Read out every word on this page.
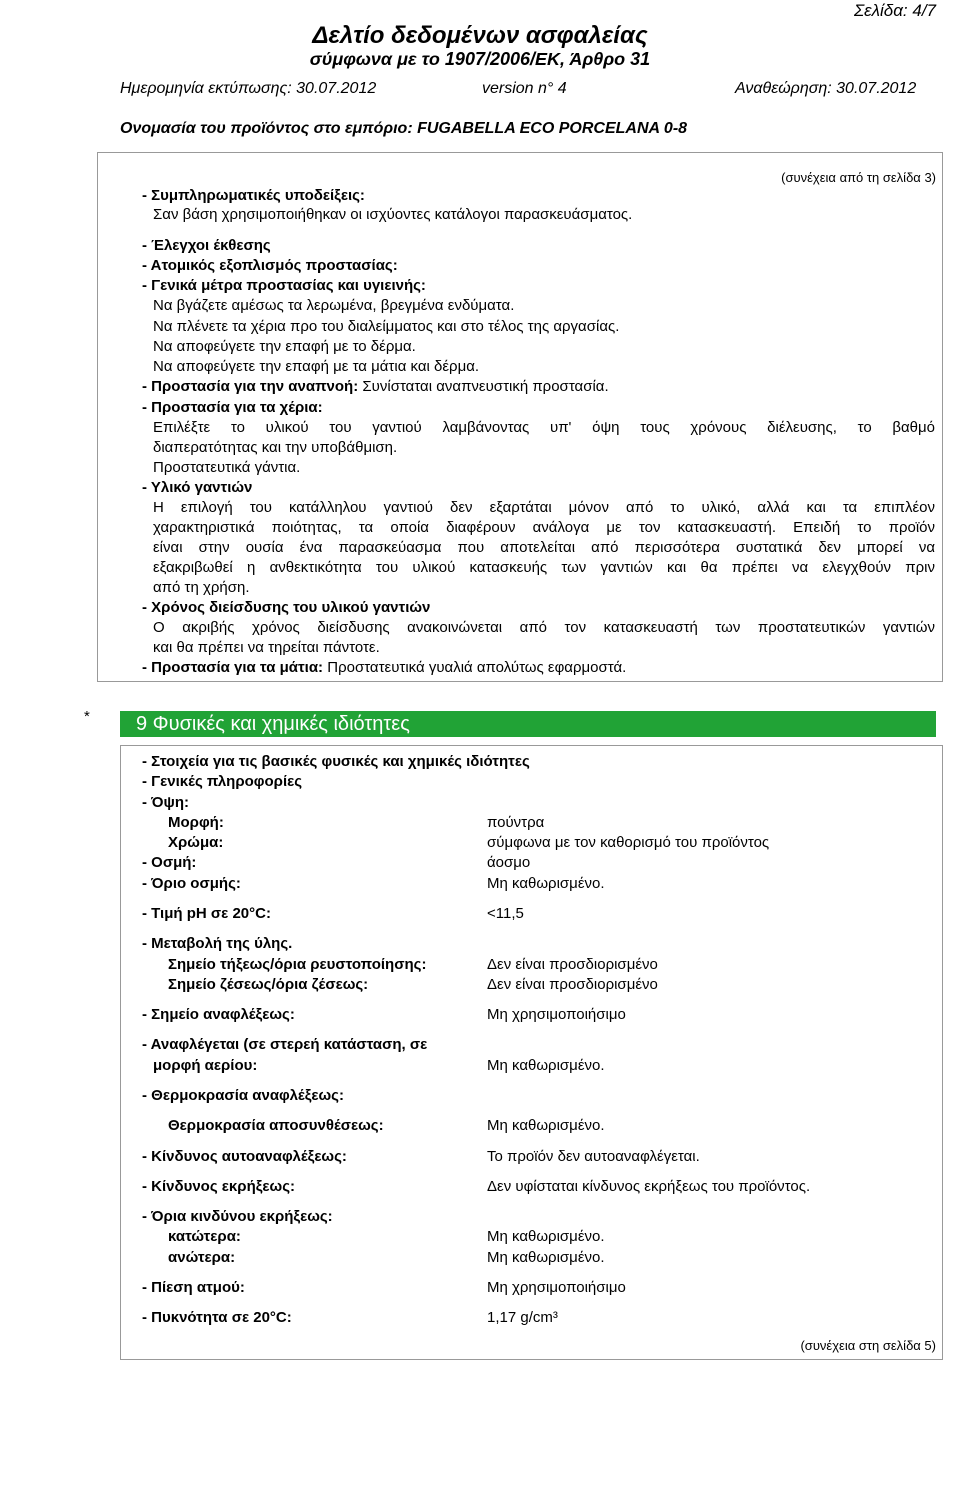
Σελίδα: 4/7
Δελτίο δεδομένων ασφαλείας
σύμφωνα με το 1907/2006/ΕΚ, Άρθρο 31
Ημερομηνία εκτύπωσης: 30.07.2012	version n° 4	Αναθεώρηση: 30.07.2012
Ονομασία του προϊόντος στο εμπόριο: FUGABELLA ECO PORCELANA 0-8
(συνέχεια από τη σελίδα 3)
- Συμπληρωματικές υποδείξεις:
Σαν βάση χρησιμοποιήθηκαν οι ισχύοντες κατάλογοι παρασκευάσματος.
- Έλεγχοι έκθεσης
- Ατομικός εξοπλισμός προστασίας:
- Γενικά μέτρα προστασίας και υγιεινής:
Να βγάζετε αμέσως τα λερωμένα, βρεγμένα ενδύματα.
Να πλένετε τα χέρια προ του διαλείμματος και στο τέλος της αργασίας.
Να αποφεύγετε την επαφή με το δέρμα.
Να αποφεύγετε την επαφή με τα μάτια και δέρμα.
- Προστασία για την αναπνοή: Συνίσταται αναπνευστική προστασία.
- Προστασία για τα χέρια:
Επιλέξτε το υλικού του γαντιού λαμβάνοντας υπ' όψη τους χρόνους διέλευσης, το βαθμό
διαπερατότητας και την υποβάθμιση.
Προστατευτικά γάντια.
- Υλικό γαντιών
Η επιλογή του κατάλληλου γαντιού δεν εξαρτάται μόνον από το υλικό, αλλά και τα επιπλέον
χαρακτηριστικά ποιότητας, τα οποία διαφέρουν ανάλογα με τον κατασκευαστή. Επειδή το προϊόν
είναι στην ουσία ένα παρασκεύασμα που αποτελείται από περισσότερα συστατικά δεν μπορεί να
εξακριβωθεί η ανθεκτικότητα του υλικού κατασκευής των γαντιών και θα πρέπει να ελεγχθούν πριν
από τη χρήση.
- Χρόνος διείσδυσης του υλικού γαντιών
Ο ακριβής χρόνος διείσδυσης ανακοινώνεται από τον κατασκευαστή των προστατευτικών γαντιών
και θα πρέπει να τηρείται πάντοτε.
- Προστασία για τα μάτια: Προστατευτικά γυαλιά απολύτως εφαρμοστά.
*	9 Φυσικές και χημικές ιδιότητες
- Στοιχεία για τις βασικές φυσικές και χημικές ιδιότητες
- Γενικές πληροφορίες
- Όψη:
Μορφή:	πούντρα
Χρώμα:	σύμφωνα με τον καθορισμό του προϊόντος
- Οσμή:	άοσμο
- Όριο οσμής:	Μη καθωρισμένο.
- Τιμή pH σε 20°C:	<11,5
- Μεταβολή της ύλης.
Σημείο τήξεως/όρια ρευστοποίησης:	Δεν είναι προσδιορισμένο
Σημείο ζέσεως/όρια ζέσεως:	Δεν είναι προσδιορισμένο
- Σημείο αναφλέξεως:	Μη χρησιμοποιήσιμο
- Αναφλέγεται (σε στερεή κατάσταση, σε
μορφή αερίου:	Μη καθωρισμένο.
- Θερμοκρασία αναφλέξεως:
Θερμοκρασία αποσυνθέσεως:	Μη καθωρισμένο.
- Κίνδυνος αυτοαναφλέξεως:	Το προϊόν δεν αυτοαναφλέγεται.
- Κίνδυνος εκρήξεως:	Δεν υφίσταται κίνδυνος εκρήξεως του προϊόντος.
- Όρια κινδύνου εκρήξεως:
κατώτερα:	Μη καθωρισμένο.
ανώτερα:	Μη καθωρισμένο.
- Πίεση ατμού:	Μη χρησιμοποιήσιμο
- Πυκνότητα σε 20°C:	1,17 g/cm³
(συνέχεια στη σελίδα 5)
